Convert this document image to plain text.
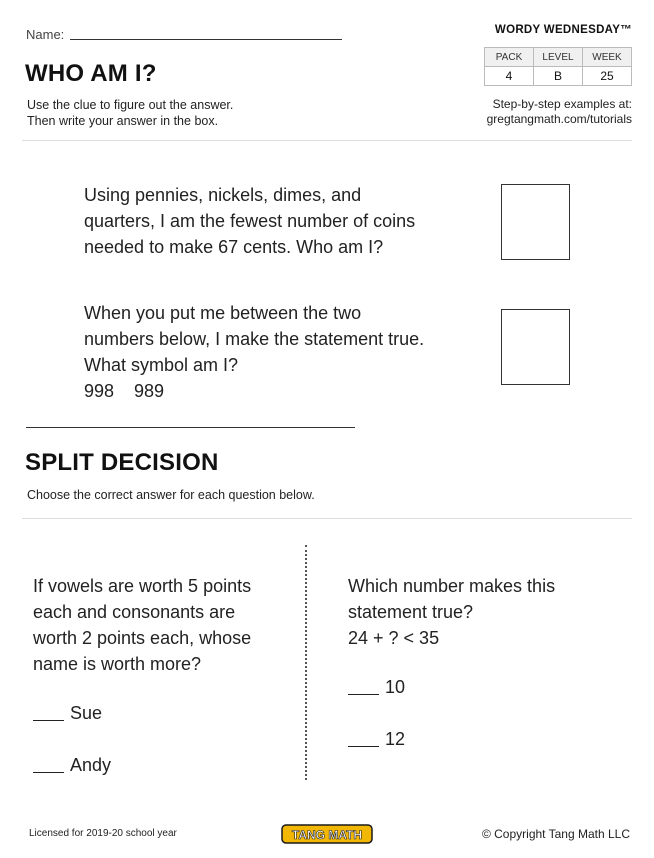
Name:	WORDY WEDNESDAY™
PACK	LEVEL	WEEK
4	B	25
WHO AM I?
Use the clue to figure out the answer.
Then write your answer in the box.
Step-by-step examples at:
gregtangmath.com/tutorials
Using pennies, nickels, dimes, and
quarters, I am the fewest number of coins
needed to make 67 cents. Who am I?
When you put me between the two
numbers below, I make the statement true.
What symbol am I?
998    989
SPLIT DECISION
Choose the correct answer for each question below.
If vowels are worth 5 points
each and consonants are
worth 2 points each, whose
name is worth more?
Sue
Andy
Which number makes this
statement true?
24 + ? < 35
10
12
Licensed for 2019-20 school year	TANG MATH	© Copyright Tang Math LLC
